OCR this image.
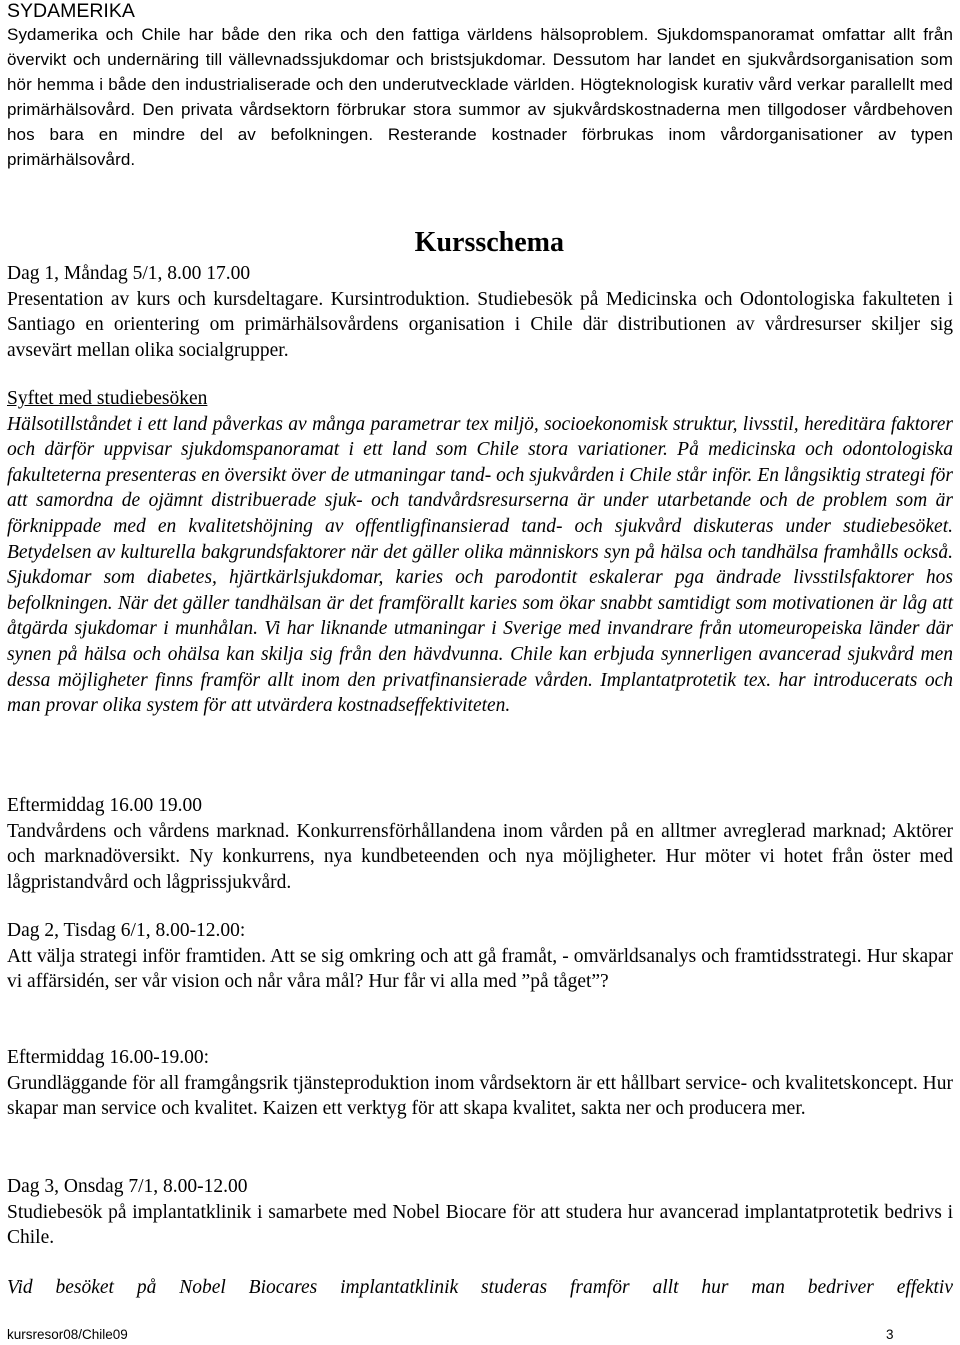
SYDAMERIKA

Sydamerika och Chile har både den rika och den fattiga världens hälsoproblem. Sjukdomspanoramat omfattar allt från övervikt och undernäring till vällevnadssjukdomar och bristsjukdomar. Dessutom har landet en sjukvårdsorganisation som hör hemma i både den industrialiserade och den underutvecklade världen. Högteknologisk kurativ vård verkar parallellt med primärhälsovård. Den privata vårdsektorn förbrukar stora summor av sjukvårdskostnaderna men tillgodoser vårdbehoven hos bara en mindre del av befolkningen. Resterande kostnader förbrukas inom vårdorganisationer av typen primärhälsovård.

Kursschema

Dag 1, Måndag 5/1, 8.00 17.00

Presentation av kurs och kursdeltagare. Kursintroduktion. Studiebesök på Medicinska och Odontologiska fakulteten i Santiago en orientering om primärhälsovårdens organisation i Chile där distributionen av vårdresurser skiljer sig avsevärt mellan olika socialgrupper.

Syftet med studiebesöken

Hälsotillståndet i ett land påverkas av många parametrar tex miljö, socioekonomisk struktur, livsstil, hereditära faktorer och därför uppvisar sjukdomspanoramat i ett land som Chile stora variationer. På medicinska och odontologiska fakulteterna presenteras en översikt över de utmaningar tand- och sjukvården i Chile står inför. En långsiktig strategi för att samordna de ojämnt distribuerade sjuk- och tandvårdsresurserna är under utarbetande och de problem som är förknippade med en kvalitetshöjning av offentligfinansierad tand- och sjukvård diskuteras under studiebesöket. Betydelsen av kulturella bakgrundsfaktorer när det gäller olika människors syn på hälsa och tandhälsa framhålls också. Sjukdomar som diabetes, hjärtkärlsjukdomar, karies och parodontit eskalerar pga ändrade livsstilsfaktorer hos befolkningen. När det gäller tandhälsan är det framförallt karies som ökar snabbt samtidigt som motivationen är låg att åtgärda sjukdomar i munhålan. Vi har liknande utmaningar i Sverige med invandrare från utomeuropeiska länder där synen på hälsa och ohälsa kan skilja sig från den hävdvunna. Chile kan erbjuda synnerligen avancerad sjukvård men dessa möjligheter finns framför allt inom den privatfinansierade vården. Implantatprotetik tex. har introducerats och man provar olika system för att utvärdera kostnadseffektiviteten.

Eftermiddag 16.00 19.00

Tandvårdens och vårdens marknad. Konkurrensförhållandena inom vården på en alltmer avreglerad marknad; Aktörer och marknadöversikt. Ny konkurrens, nya kundbeteenden och nya möjligheter. Hur möter vi hotet från öster med lågpristandvård och lågprissjukvård.

Dag 2, Tisdag 6/1, 8.00-12.00:

Att välja strategi inför framtiden. Att se sig omkring och att gå framåt, - omvärldsanalys och framtidsstrategi. Hur skapar vi affärsidén, ser vår vision och når våra mål? Hur får vi alla med ”på tåget”?

Eftermiddag 16.00-19.00:

Grundläggande för all framgångsrik tjänsteproduktion inom vårdsektorn är ett hållbart service- och kvalitetskoncept. Hur skapar man service och kvalitet. Kaizen ett verktyg för att skapa kvalitet, sakta ner och producera mer.

Dag 3, Onsdag 7/1, 8.00-12.00

Studiebesök på implantatklinik i samarbete med Nobel Biocare för att studera hur avancerad implantatprotetik bedrivs i Chile.

Vid besöket på Nobel Biocares implantatklinik studeras framför allt hur man bedriver effektiv

kursresor08/Chile09	3
